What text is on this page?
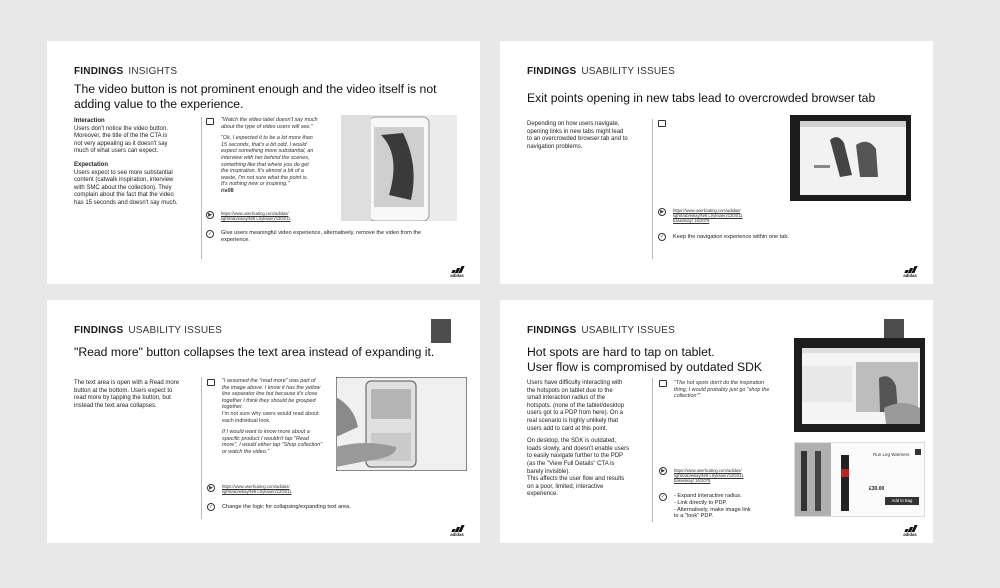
FINDINGS INSIGHTS
The video button is not prominent enough and the video itself is not
adding value to the experience.
Interaction

Users don't notice the video button.

Moreover, the title of the the CTA is

not very appealing as it doesn't say

much of what users can expect.

Expectation

Users expect to see more substantial

content (catwalk inspiration, interview

with SMC about the collection). They

complain about the fact that the video

has 15 seconds and doesn't say much.

"Watch the video label doesn't say much
about the type of video users will see."
"Ok, I expected it to be a lot more than
15 seconds, that's a bit odd, I would
expect something more substantial, an
interview with her behind the scenes,
something like that where you do get
the inspiration. It's almost a bit of a
waste, I'm not sure what the point is.
It's nothing new or inspiring."
ris08
▶	https://www.userlicating.com/adidas/
lights/ab/eikayfN/6 Ltryksaen/1204/11
✓	Give users meaningful video experience, alternatively, remove the video from the
experience.
adidas
FINDINGS USABILITY ISSUES
Exit points opening in new tabs lead to overcrowded browser tab

Depending on how users navigate,

opening links in new tabs might lead

to an overcrowded browser tab and to

navigation problems.

▶	https://www.userlicating.com/adidas/
lights/ab/eikayfN/6 Ltryksaen/1204/11
baseeikay/ 16/2079
✓	Keep the navigation experience within one tab.
adidas
FINDINGS USABILITY ISSUES
"Read more" button collapses the text area instead of expanding it.

The text area is open with a Read more

button at the bottom. Users expect to

read more by tapping the button, but

instead the text area collapses.

"I assumed the "read more" was part of
the image above. I know it has the yellow
line separator line but because it's close
together I think they should be grouped
together.
I'm not sure why users would read about
each individual look.
If I would want to know more about a
specific product I wouldn't tap "Read
more", I would either tap "Shop collection"
or watch the video."
▶	https://www.userlicating.com/adidas/
lights/ab/eikayfN/6 Ltryksaen/1204/11
✓	Change the logic for collapsing/expanding text area.
adidas
FINDINGS USABILITY ISSUES
Hot spots are hard to tap on tablet.
User flow is compromised by outdated SDK

Users have difficulty interacting with

the hotspots on tablet due to the

small interaction radius of the

hotspots. (none of the tablet/desktop

users got to a PDP from here). On a

real scenario is highly unlikely that

users add to card at this point.

On desktop, the SDK is outdated,

loads slowly, and doesn't enable users

to easily navigate further to the PDP

(as the "View Full Details" CTA is

barely invisible).

This affects the user flow and results

on a poor, limited, interactive

experience.

"The hot spots don't do the inspiration
thing, I would probably just go "shop the
collection""
Run Leg Warmers
£30.00
Add to Bag
▶	https://www.userlicating.com/adidas/
lights/ab/eikayfN/6 Ltryksaen/1204/11
baseeikay/ 16/2079
✓	- Expand interactive radius.
- Link directly to PDP.
- Alternatively, make image link
to a "look" PDP.
adidas
